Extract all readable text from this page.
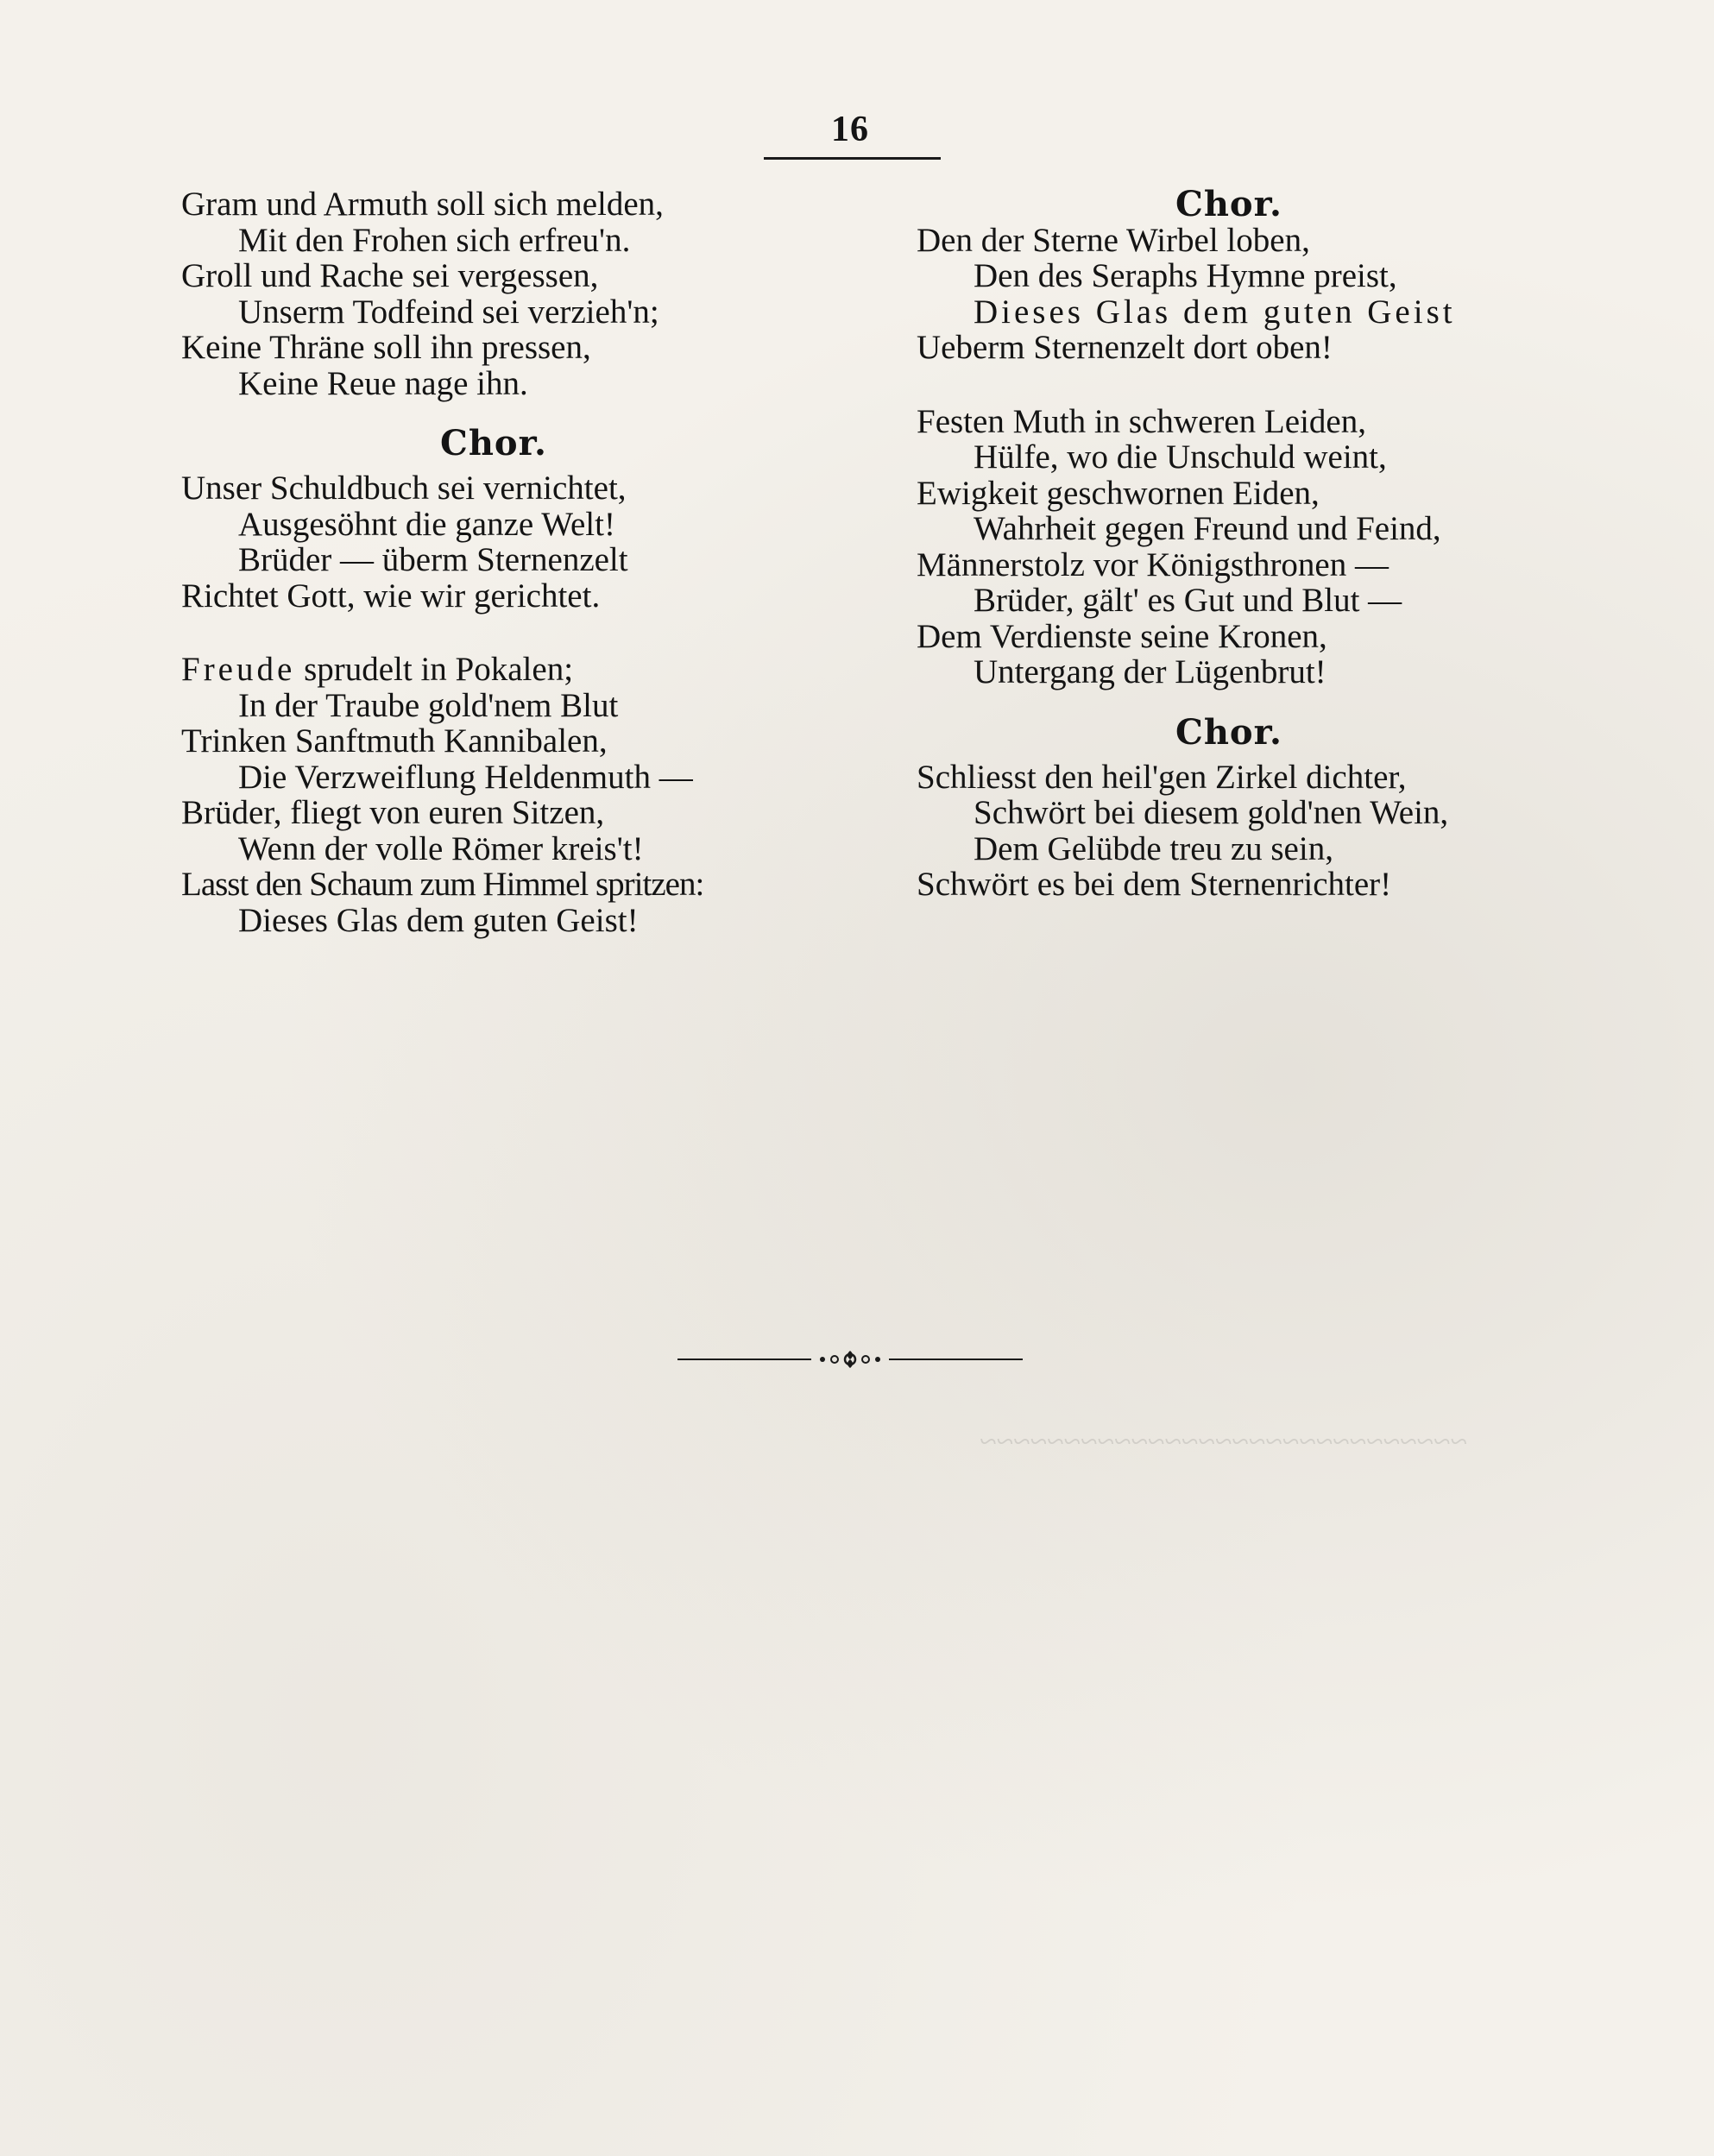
~~~~~~~~~~~~~~~~~~~~~~~~~~~~~
16
Gram und Armuth soll sich melden,
Mit den Frohen sich erfreu'n.
Groll und Rache sei vergessen,
Unserm Todfeind sei verzieh'n;
Keine Thräne soll ihn pressen,
Keine Reue nage ihn.
Chor.
Unser Schuldbuch sei vernichtet,
Ausgesöhnt die ganze Welt!
Brüder — überm Sternenzelt
Richtet Gott, wie wir gerichtet.
Freude sprudelt in Pokalen;
In der Traube gold'nem Blut
Trinken Sanftmuth Kannibalen,
Die Verzweiflung Heldenmuth —
Brüder, fliegt von euren Sitzen,
Wenn der volle Römer kreis't!
Lasst den Schaum zum Himmel spritzen:
Dieses Glas dem guten Geist!
Chor.
Den der Sterne Wirbel loben,
Den des Seraphs Hymne preist,
Dieses Glas dem guten Geist
Ueberm Sternenzelt dort oben!
Festen Muth in schweren Leiden,
Hülfe, wo die Unschuld weint,
Ewigkeit geschwornen Eiden,
Wahrheit gegen Freund und Feind,
Männerstolz vor Königsthronen —
Brüder, gält' es Gut und Blut —
Dem Verdienste seine Kronen,
Untergang der Lügenbrut!
Chor.
Schliesst den heil'gen Zirkel dichter,
Schwört bei diesem gold'nen Wein,
Dem Gelübde treu zu sein,
Schwört es bei dem Sternenrichter!
